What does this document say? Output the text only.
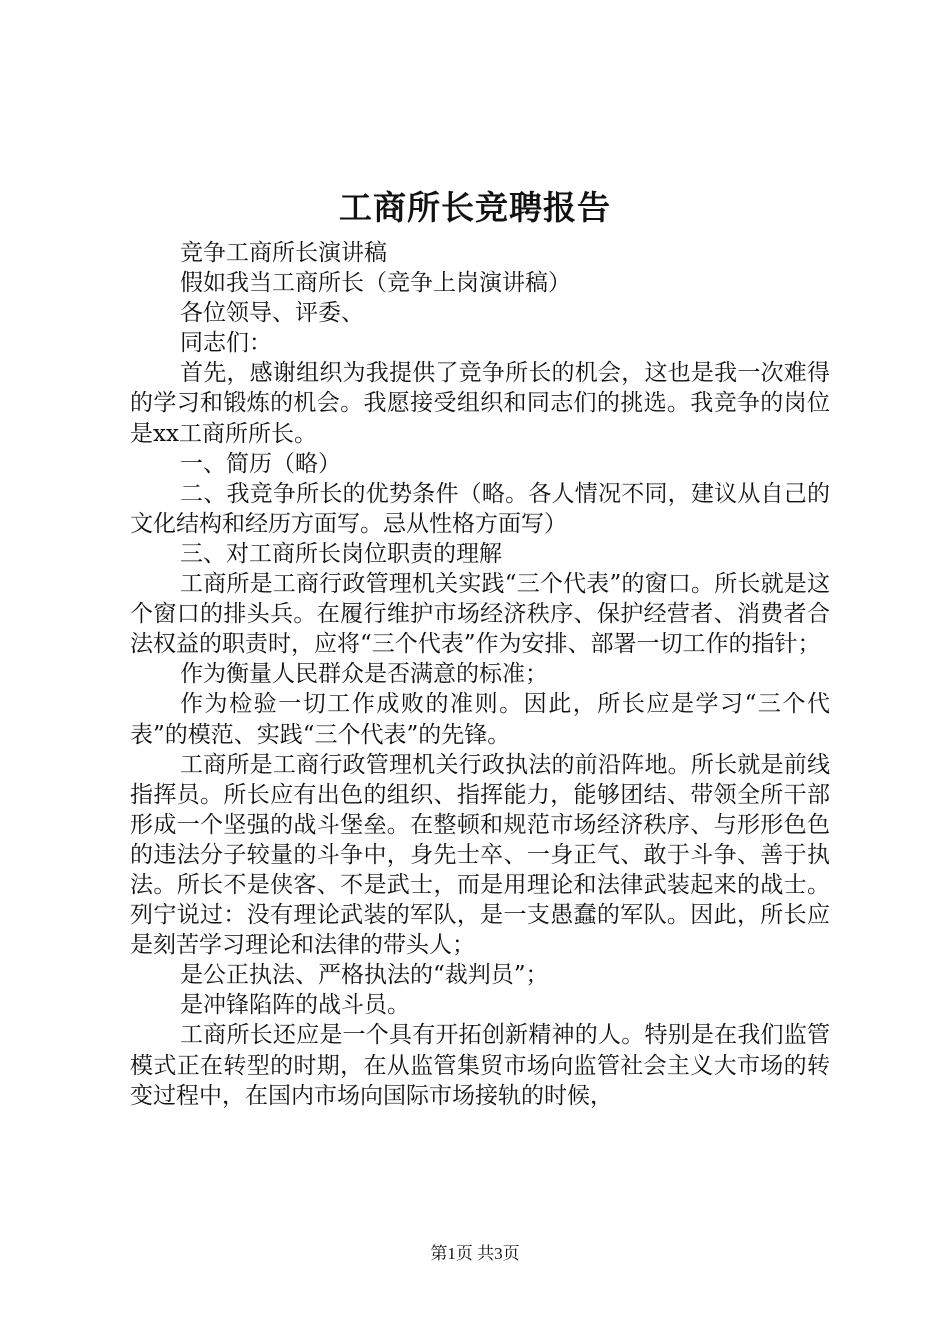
工商所长竞聘报告

竞争工商所长演讲稿

假如我当工商所长（竞争上岗演讲稿）

各位领导、评委、

同志们：

首先，感谢组织为我提供了竞争所长的机会，这也是我一次难得的学习和锻炼的机会。我愿接受组织和同志们的挑选。我竞争的岗位是xx工商所所长。

一、简历（略）

二、我竞争所长的优势条件（略。各人情况不同，建议从自己的文化结构和经历方面写。忌从性格方面写）

三、对工商所长岗位职责的理解

工商所是工商行政管理机关实践“三个代表”的窗口。所长就是这个窗口的排头兵。在履行维护市场经济秩序、保护经营者、消费者合法权益的职责时，应将“三个代表”作为安排、部署一切工作的指针；

作为衡量人民群众是否满意的标准；

作为检验一切工作成败的准则。因此，所长应是学习“三个代表”的模范、实践“三个代表”的先锋。

工商所是工商行政管理机关行政执法的前沿阵地。所长就是前线指挥员。所长应有出色的组织、指挥能力，能够团结、带领全所干部形成一个坚强的战斗堡垒。在整顿和规范市场经济秩序、与形形色色的违法分子较量的斗争中，身先士卒、一身正气、敢于斗争、善于执法。所长不是侠客、不是武士，而是用理论和法律武装起来的战士。列宁说过：没有理论武装的军队，是一支愚蠢的军队。因此，所长应是刻苦学习理论和法律的带头人；

是公正执法、严格执法的“裁判员”；

是冲锋陷阵的战斗员。

工商所长还应是一个具有开拓创新精神的人。特别是在我们监管模式正在转型的时期，在从监管集贸市场向监管社会主义大市场的转变过程中，在国内市场向国际市场接轨的时候，

第1页 共3页
